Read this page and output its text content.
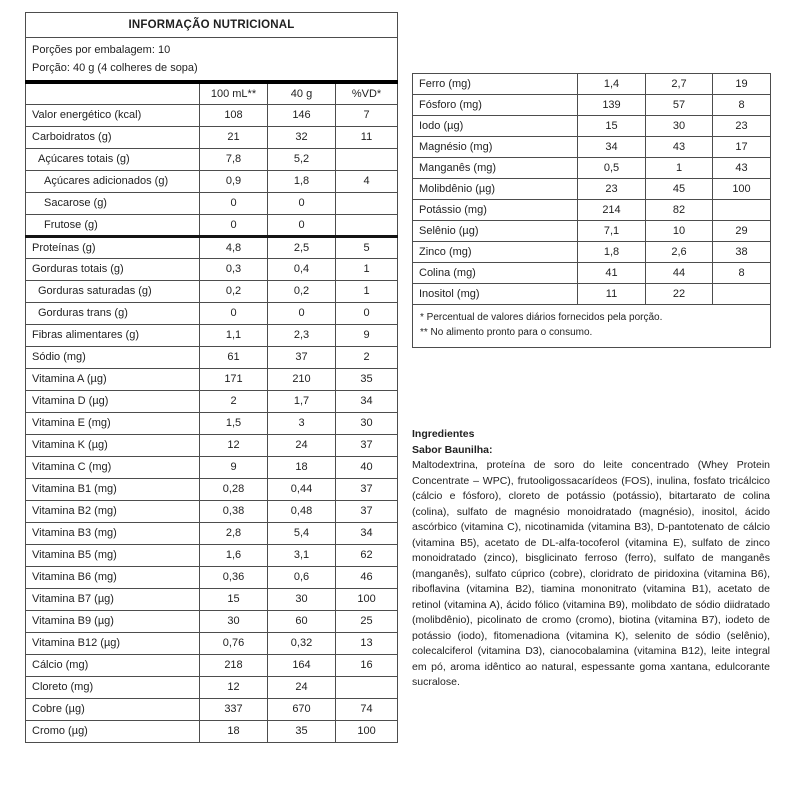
INFORMAÇÃO NUTRICIONAL			

Porções por embalagem: 10
Porção: 40 g (4 colheres de sopa)			

	100 mL**	40 g	%VD*
Valor energético (kcal)	108	146	7
Carboidratos (g)	21	32	11
Açúcares totais (g)	7,8	5,2	
Açúcares adicionados (g)	0,9	1,8	4
Sacarose (g)	0	0	
Frutose (g)	0	0	
Proteínas (g)	4,8	2,5	5
Gorduras totais (g)	0,3	0,4	1
Gorduras saturadas (g)	0,2	0,2	1
Gorduras trans (g)	0	0	0
Fibras alimentares (g)	1,1	2,3	9
Sódio (mg)	61	37	2
Vitamina A (µg)	171	210	35
Vitamina D (µg)	2	1,7	34
Vitamina E (mg)	1,5	3	30
Vitamina K (µg)	12	24	37
Vitamina C (mg)	9	18	40
Vitamina B1 (mg)	0,28	0,44	37
Vitamina B2 (mg)	0,38	0,48	37
Vitamina B3 (mg)	2,8	5,4	34
Vitamina B5 (mg)	1,6	3,1	62
Vitamina B6 (mg)	0,36	0,6	46
Vitamina B7 (µg)	15	30	100
Vitamina B9 (µg)	30	60	25
Vitamina B12 (µg)	0,76	0,32	13
Cálcio (mg)	218	164	16
Cloreto (mg)	12	24	
Cobre (µg)	337	670	74
Cromo (µg)	18	35	100
Ferro (mg)	1,4	2,7	19
Fósforo (mg)	139	57	8
Iodo (µg)	15	30	23
Magnésio (mg)	34	43	17
Manganês (mg)	0,5	1	43
Molibdênio (µg)	23	45	100
Potássio (mg)	214	82	
Selênio (µg)	7,1	10	29
Zinco (mg)	1,8	2,6	38
Colina (mg)	41	44	8
Inositol (mg)	11	22	

* Percentual de valores diários fornecidos pela porção.
** No alimento pronto para o consumo.			
Ingredientes
Sabor Baunilha:
Maltodextrina, proteína de soro do leite concentrado (Whey Protein Concentrate – WPC), frutooligossacarídeos (FOS), inulina, fosfato tricálcico (cálcio e fósforo), cloreto de potássio (potássio), bitartarato de colina (colina), sulfato de magnésio monoidratado (magnésio), inositol, ácido ascórbico (vitamina C), nicotinamida (vitamina B3), D-pantotenato de cálcio (vitamina B5), acetato de DL-alfa-tocoferol (vitamina E), sulfato de zinco monoidratado (zinco), bisglicinato ferroso (ferro), sulfato de manganês (manganês), sulfato cúprico (cobre), cloridrato de piridoxina (vitamina B6), riboflavina (vitamina B2), tiamina mononitrato (vitamina B1), acetato de retinol (vitamina A), ácido fólico (vitamina B9), molibdato de sódio diidratado (molibdênio), picolinato de cromo (cromo), biotina (vitamina B7), iodeto de potássio (iodo), fitomenadiona (vitamina K), selenito de sódio (selênio), colecalciferol (vitamina D3), cianocobalamina (vitamina B12), leite integral em pó, aroma idêntico ao natural, espessante goma xantana, edulcorante sucralose.
